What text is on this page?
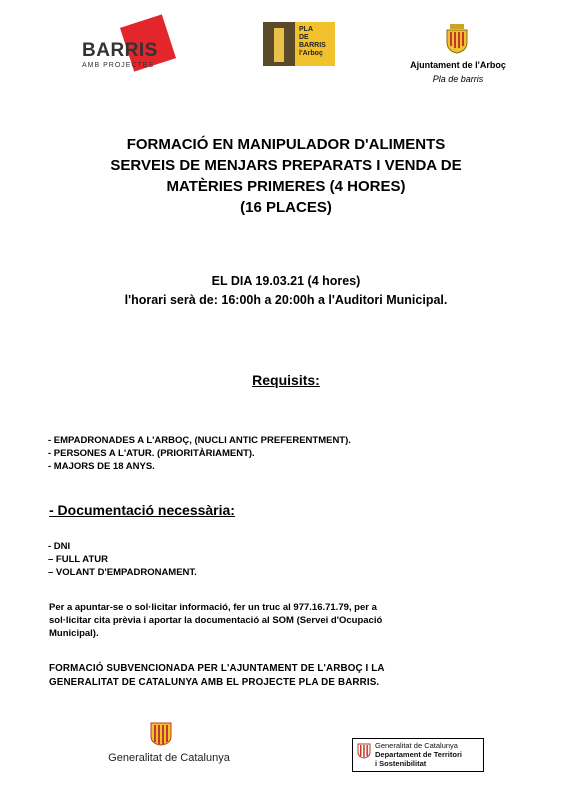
BARRIS
AMB PROJECTES
PLA
DE
BARRIS
l'Arboç
Ajuntament de l'Arboç
Pla de barris
FORMACIÓ EN MANIPULADOR D'ALIMENTS
SERVEIS DE MENJARS PREPARATS I VENDA DE
MATÈRIES PRIMERES (4 HORES)
(16 PLACES)
EL DIA 19.03.21 (4 hores)
l'horari serà de: 16:00h a 20:00h a l'Auditori Municipal.
Requisits:
- EMPADRONADES A L'ARBOÇ, (NUCLI ANTIC PREFERENTMENT).
- PERSONES A L'ATUR. (PRIORITÀRIAMENT).
- MAJORS DE 18 ANYS.
- Documentació necessària:
- DNI
– FULL ATUR
– VOLANT D'EMPADRONAMENT.
Per a apuntar-se o sol·licitar informació, fer un truc al 977.16.71.79, per a
sol·licitar cita prèvia i aportar la documentació al SOM (Servei d'Ocupació
Municipal).
FORMACIÓ SUBVENCIONADA PER L'AJUNTAMENT DE L'ARBOÇ I LA
GENERALITAT DE CATALUNYA AMB EL PROJECTE PLA DE BARRIS.
Generalitat de Catalunya
Generalitat de Catalunya
Departament de Territori
i Sostenibilitat
